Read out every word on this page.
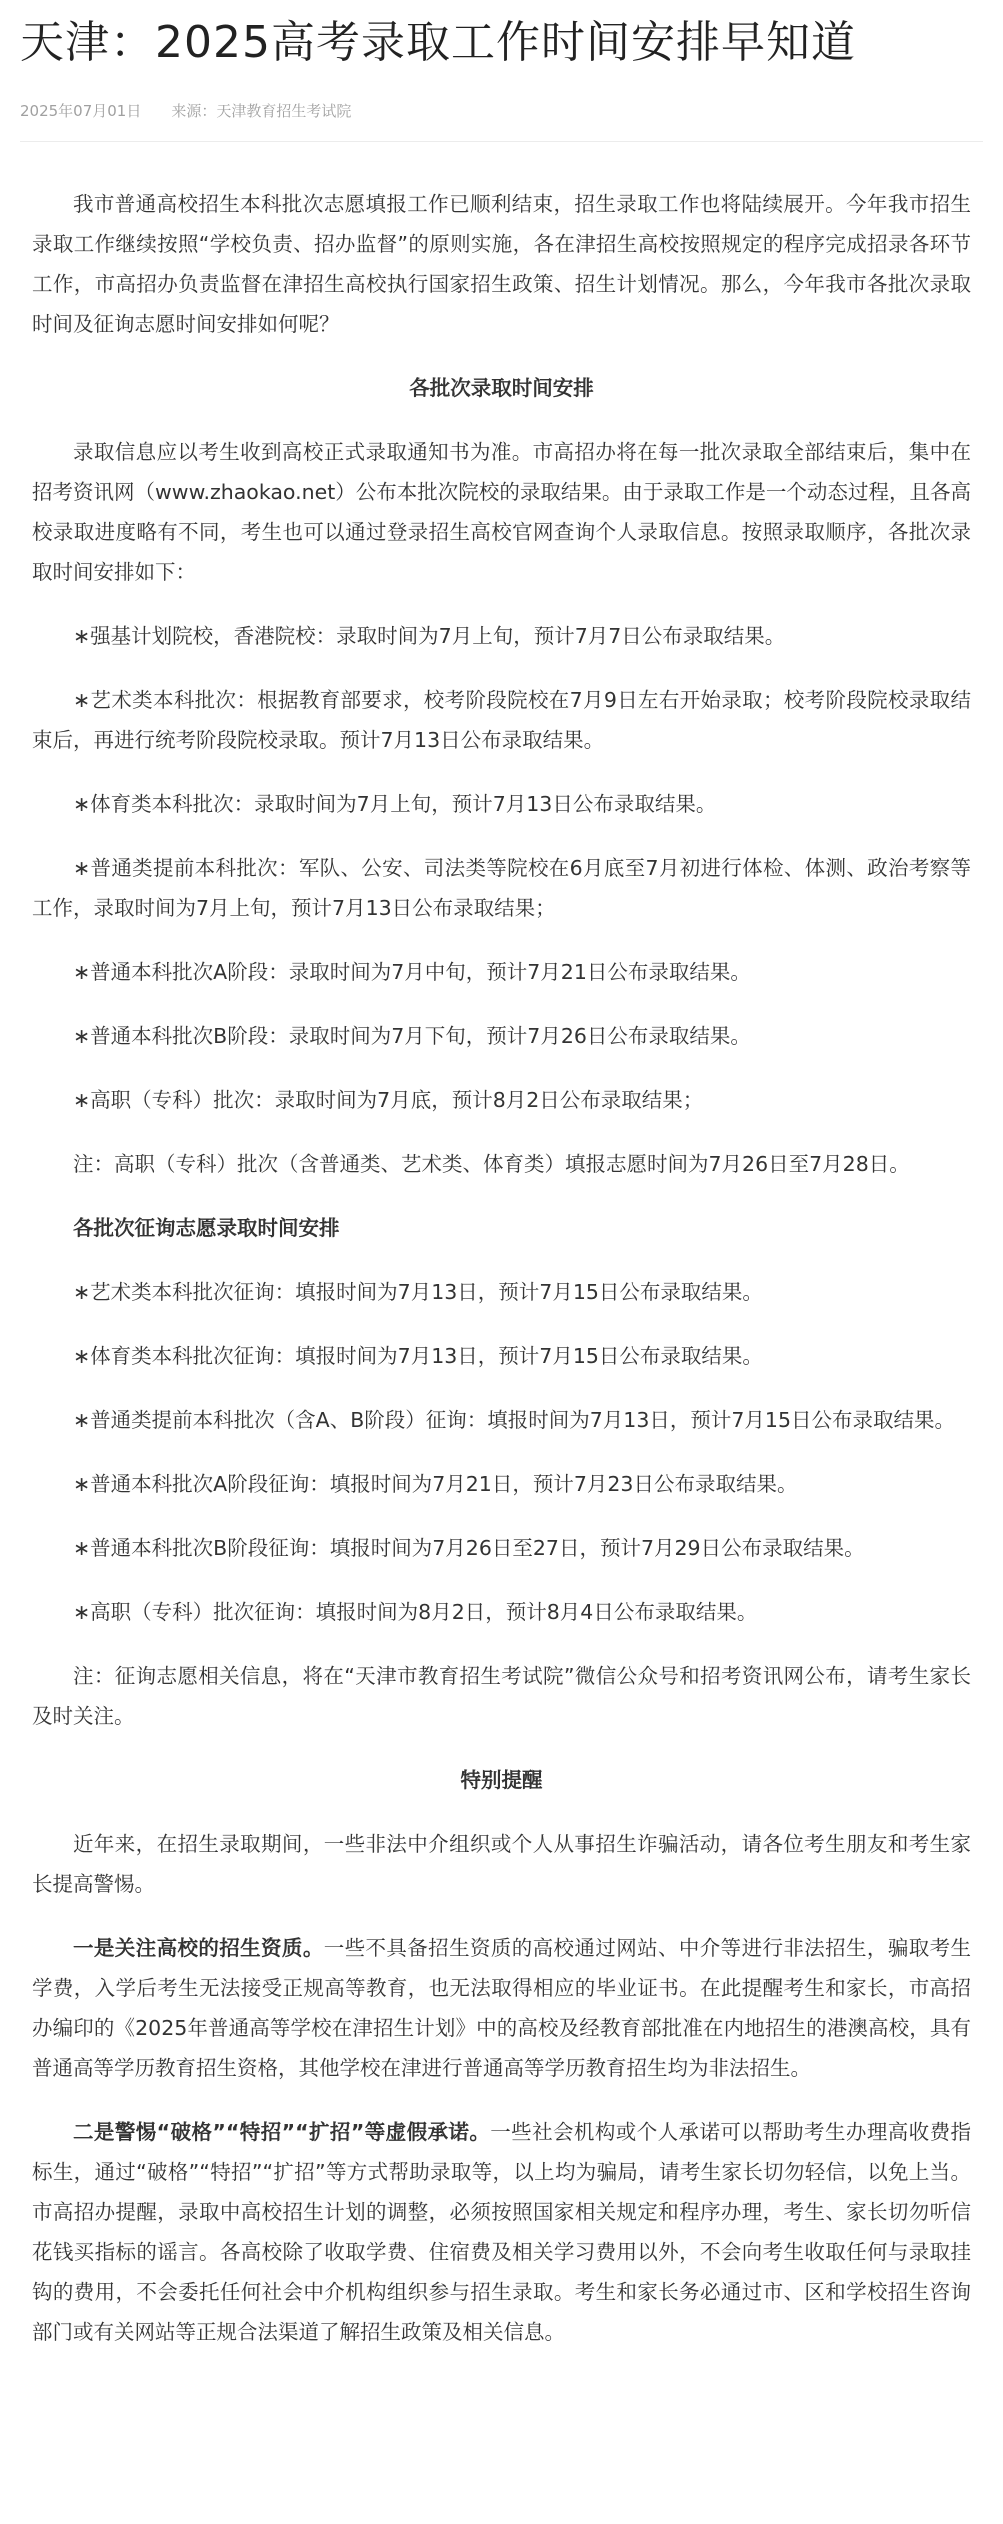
天津：2025高考录取工作时间安排早知道
2025年07月01日 来源：天津教育招生考试院

我市普通高校招生本科批次志愿填报工作已顺利结束，招生录取工作也将陆续展开。今年我市招生录取工作继续按照“学校负责、招办监督”的原则实施，各在津招生高校按照规定的程序完成招录各环节工作，市高招办负责监督在津招生高校执行国家招生政策、招生计划情况。那么，今年我市各批次录取时间及征询志愿时间安排如何呢？

各批次录取时间安排

录取信息应以考生收到高校正式录取通知书为准。市高招办将在每一批次录取全部结束后，集中在招考资讯网（www.zhaokao.net）公布本批次院校的录取结果。由于录取工作是一个动态过程，且各高校录取进度略有不同，考生也可以通过登录招生高校官网查询个人录取信息。按照录取顺序，各批次录取时间安排如下：

∗强基计划院校，香港院校：录取时间为7月上旬，预计7月7日公布录取结果。

∗艺术类本科批次：根据教育部要求，校考阶段院校在7月9日左右开始录取；校考阶段院校录取结束后，再进行统考阶段院校录取。预计7月13日公布录取结果。

∗体育类本科批次：录取时间为7月上旬，预计7月13日公布录取结果。

∗普通类提前本科批次：军队、公安、司法类等院校在6月底至7月初进行体检、体测、政治考察等工作，录取时间为7月上旬，预计7月13日公布录取结果；

∗普通本科批次A阶段：录取时间为7月中旬，预计7月21日公布录取结果。

∗普通本科批次B阶段：录取时间为7月下旬，预计7月26日公布录取结果。

∗高职（专科）批次：录取时间为7月底，预计8月2日公布录取结果；

注：高职（专科）批次（含普通类、艺术类、体育类）填报志愿时间为7月26日至7月28日。

各批次征询志愿录取时间安排

∗艺术类本科批次征询：填报时间为7月13日，预计7月15日公布录取结果。

∗体育类本科批次征询：填报时间为7月13日，预计7月15日公布录取结果。

∗普通类提前本科批次（含A、B阶段）征询：填报时间为7月13日，预计7月15日公布录取结果。

∗普通本科批次A阶段征询：填报时间为7月21日，预计7月23日公布录取结果。

∗普通本科批次B阶段征询：填报时间为7月26日至27日，预计7月29日公布录取结果。

∗高职（专科）批次征询：填报时间为8月2日，预计8月4日公布录取结果。

注：征询志愿相关信息，将在“天津市教育招生考试院”微信公众号和招考资讯网公布，请考生家长及时关注。

特别提醒

近年来，在招生录取期间，一些非法中介组织或个人从事招生诈骗活动，请各位考生朋友和考生家长提高警惕。

一是关注高校的招生资质。一些不具备招生资质的高校通过网站、中介等进行非法招生，骗取考生学费，入学后考生无法接受正规高等教育，也无法取得相应的毕业证书。在此提醒考生和家长，市高招办编印的《2025年普通高等学校在津招生计划》中的高校及经教育部批准在内地招生的港澳高校，具有普通高等学历教育招生资格，其他学校在津进行普通高等学历教育招生均为非法招生。

二是警惕“破格”“特招”“扩招”等虚假承诺。一些社会机构或个人承诺可以帮助考生办理高收费指标生，通过“破格”“特招”“扩招”等方式帮助录取等，以上均为骗局，请考生家长切勿轻信，以免上当。市高招办提醒，录取中高校招生计划的调整，必须按照国家相关规定和程序办理，考生、家长切勿听信花钱买指标的谣言。各高校除了收取学费、住宿费及相关学习费用以外，不会向考生收取任何与录取挂钩的费用，不会委托任何社会中介机构组织参与招生录取。考生和家长务必通过市、区和学校招生咨询部门或有关网站等正规合法渠道了解招生政策及相关信息。
